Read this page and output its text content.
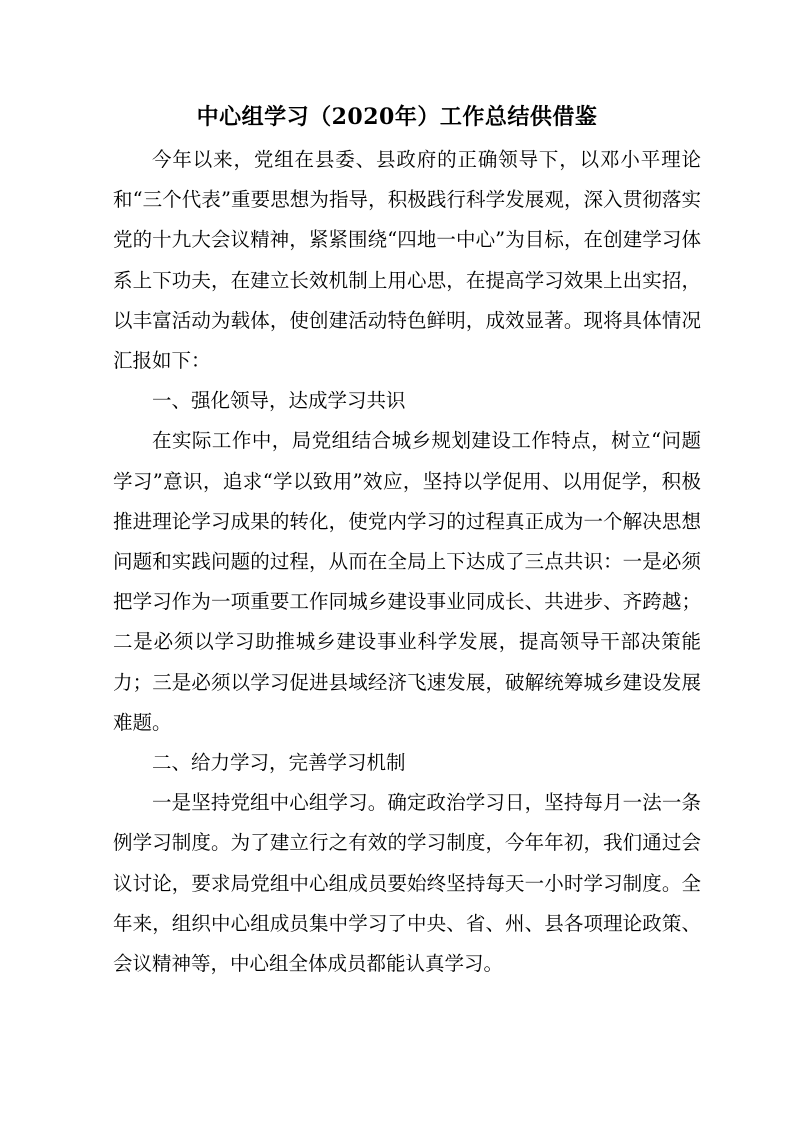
中心组学习（2020年）工作总结供借鉴

今年以来，党组在县委、县政府的正确领导下，以邓小平理论和“三个代表”重要思想为指导，积极践行科学发展观，深入贯彻落实党的十九大会议精神，紧紧围绕“四地一中心”为目标，在创建学习体系上下功夫，在建立长效机制上用心思，在提高学习效果上出实招，以丰富活动为载体，使创建活动特色鲜明，成效显著。现将具体情况汇报如下：

一、强化领导，达成学习共识

在实际工作中，局党组结合城乡规划建设工作特点，树立“问题学习”意识，追求“学以致用”效应，坚持以学促用、以用促学，积极推进理论学习成果的转化，使党内学习的过程真正成为一个解决思想问题和实践问题的过程，从而在全局上下达成了三点共识：一是必须把学习作为一项重要工作同城乡建设事业同成长、共进步、齐跨越；二是必须以学习助推城乡建设事业科学发展，提高领导干部决策能力；三是必须以学习促进县域经济飞速发展，破解统筹城乡建设发展难题。

二、给力学习，完善学习机制

一是坚持党组中心组学习。确定政治学习日，坚持每月一法一条例学习制度。为了建立行之有效的学习制度，今年年初，我们通过会议讨论，要求局党组中心组成员要始终坚持每天一小时学习制度。全年来，组织中心组成员集中学习了中央、省、州、县各项理论政策、会议精神等，中心组全体成员都能认真学习。
